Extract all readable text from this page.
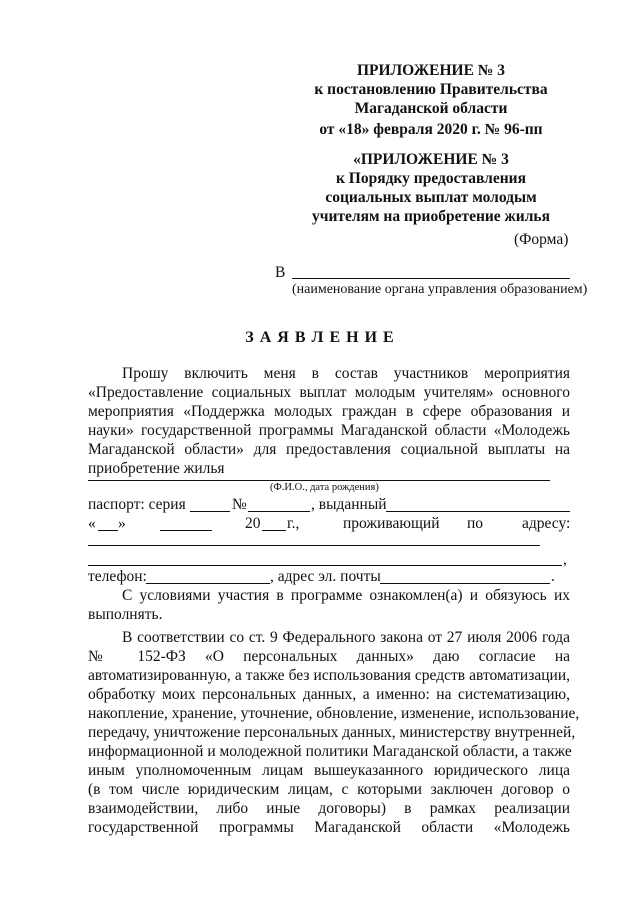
ПРИЛОЖЕНИЕ № 3
к постановлению Правительства
Магаданской области
от «18» февраля 2020 г. № 96-пп
«ПРИЛОЖЕНИЕ № 3
к Порядку предоставления
социальных выплат молодым
учителям на приобретение жилья
(Форма)
В
(наименование органа управления образованием)
З А Я В Л Е Н И Е
Прошу включить меня в состав участников мероприятия
«Предоставление социальных выплат молодым учителям» основного
мероприятия «Поддержка молодых граждан в сфере образования и
науки» государственной программы Магаданской области «Молодежь
Магаданской области» для предоставления социальной выплаты на
приобретение жилья
(Ф.И.О., дата рождения)
паспорт: серия	№	, выданный
« »	20 г.,	проживающий по	адресу:
,
телефон:	, адрес эл. почты	.
С условиями участия в программе ознакомлен(а) и обязуюсь их
выполнять.
В соответствии со ст. 9 Федерального закона от 27 июля 2006 года
№ 152-ФЗ «О персональных данных» даю согласие на
автоматизированную, а также без использования средств автоматизации,
обработку моих персональных данных, а именно: на систематизацию,
накопление, хранение, уточнение, обновление, изменение, использование,
передачу, уничтожение персональных данных, министерству внутренней,
информационной и молодежной политики Магаданской области, а также
иным уполномоченным лицам вышеуказанного юридического лица
(в том числе юридическим лицам, с которыми заключен договор о
взаимодействии, либо иные договоры) в рамках реализации
государственной программы Магаданской области «Молодежь
